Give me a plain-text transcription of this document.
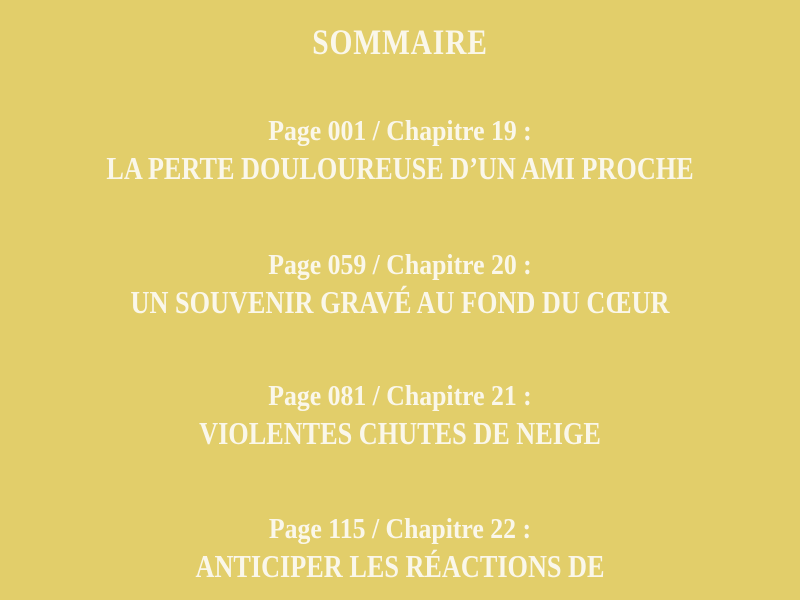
SOMMAIRE
Page 001 / Chapitre 19 :
LA PERTE DOULOUREUSE D’UN AMI PROCHE
Page 059 / Chapitre 20 :
UN SOUVENIR GRAVÉ AU FOND DU CŒUR
Page 081 / Chapitre 21 :
VIOLENTES CHUTES DE NEIGE
Page 115 / Chapitre 22 :
ANTICIPER LES RÉACTIONS DE
